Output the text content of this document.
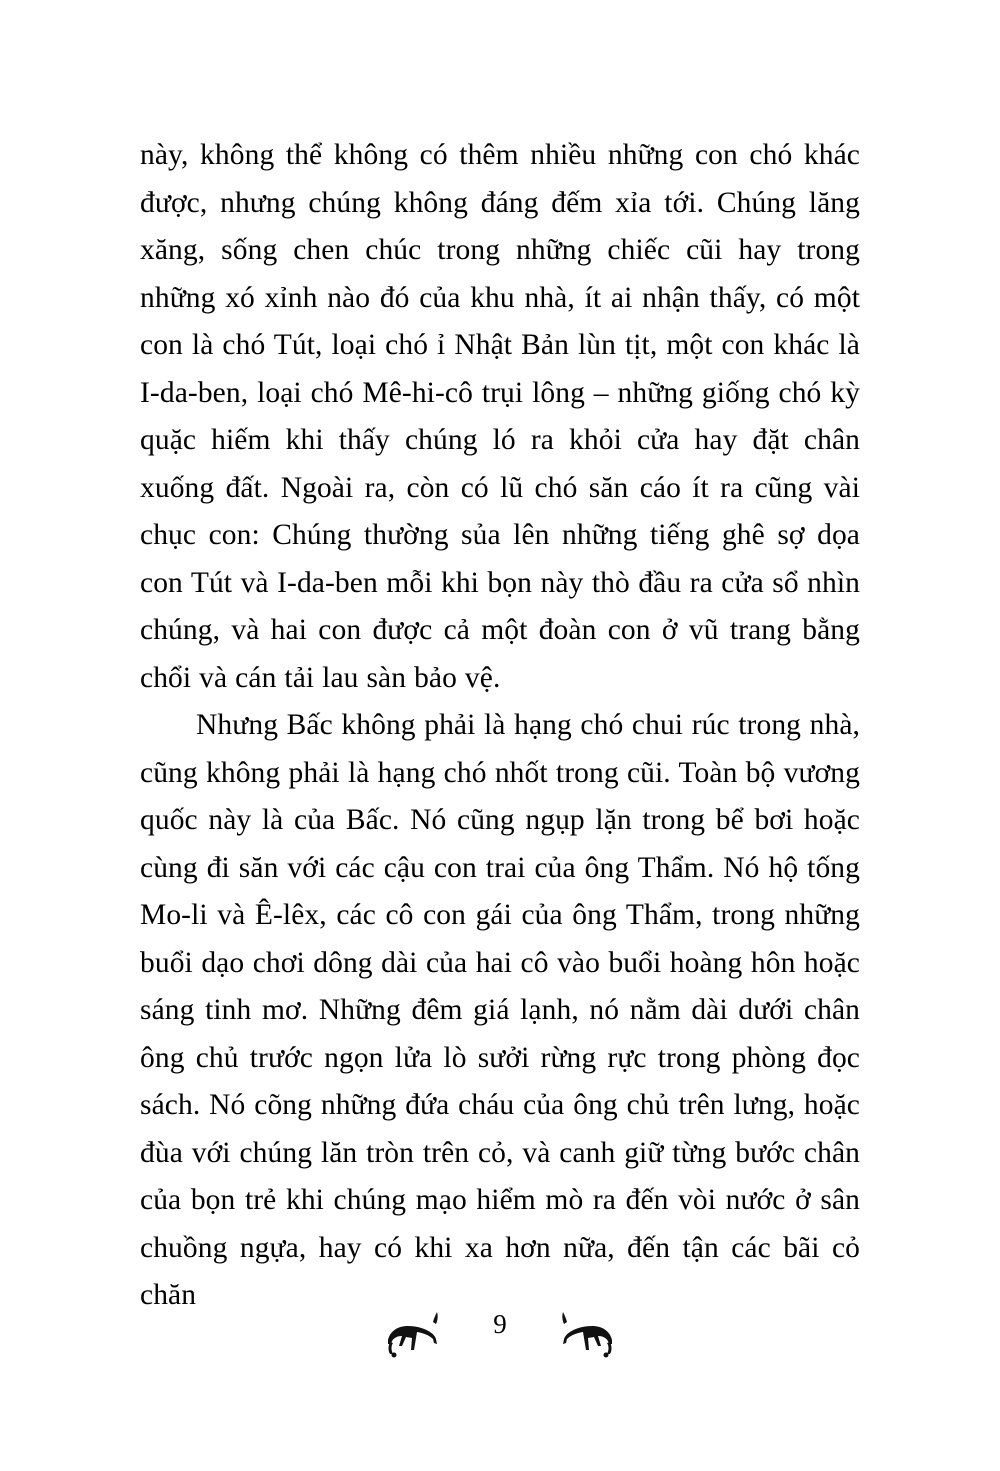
này, không thể không có thêm nhiều những con chó khác được, nhưng chúng không đáng đếm xỉa tới. Chúng lăng xăng, sống chen chúc trong những chiếc cũi hay trong những xó xỉnh nào đó của khu nhà, ít ai nhận thấy, có một con là chó Tút, loại chó ỉ Nhật Bản lùn tịt, một con khác là I-da-ben, loại chó Mê-hi-cô trụi lông – những giống chó kỳ quặc hiếm khi thấy chúng ló ra khỏi cửa hay đặt chân xuống đất. Ngoài ra, còn có lũ chó săn cáo ít ra cũng vài chục con: Chúng thường sủa lên những tiếng ghê sợ dọa con Tút và I-da-ben mỗi khi bọn này thò đầu ra cửa sổ nhìn chúng, và hai con được cả một đoàn con ở vũ trang bằng chổi và cán tải lau sàn bảo vệ.

Nhưng Bấc không phải là hạng chó chui rúc trong nhà, cũng không phải là hạng chó nhốt trong cũi. Toàn bộ vương quốc này là của Bấc. Nó cũng ngụp lặn trong bể bơi hoặc cùng đi săn với các cậu con trai của ông Thẩm. Nó hộ tống Mo-li và Ê-lêx, các cô con gái của ông Thẩm, trong những buổi dạo chơi dông dài của hai cô vào buổi hoàng hôn hoặc sáng tinh mơ. Những đêm giá lạnh, nó nằm dài dưới chân ông chủ trước ngọn lửa lò sưởi rừng rực trong phòng đọc sách. Nó cõng những đứa cháu của ông chủ trên lưng, hoặc đùa với chúng lăn tròn trên cỏ, và canh giữ từng bước chân của bọn trẻ khi chúng mạo hiểm mò ra đến vòi nước ở sân chuồng ngựa, hay có khi xa hơn nữa, đến tận các bãi cỏ chăn

9
